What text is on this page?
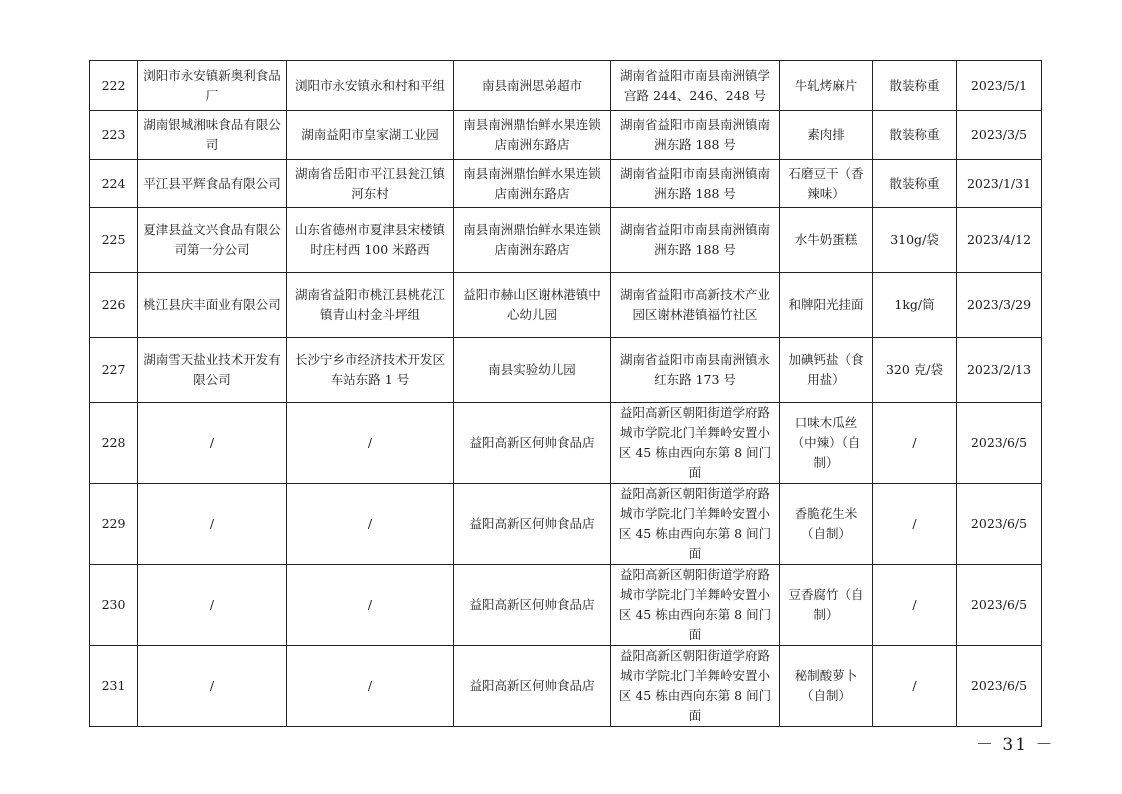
222	浏阳市永安镇新奥利食品厂	浏阳市永安镇永和村和平组	南县南洲思弟超市	湖南省益阳市南县南洲镇学宫路 244、246、248 号	牛轧烤麻片	散装称重	2023/5/1
223	湖南银城湘味食品有限公司	湖南益阳市皇家湖工业园	南县南洲鼎怡鲜水果连锁店南洲东路店	湖南省益阳市南县南洲镇南洲东路 188 号	素肉排	散装称重	2023/3/5
224	平江县平辉食品有限公司	湖南省岳阳市平江县瓮江镇河东村	南县南洲鼎怡鲜水果连锁店南洲东路店	湖南省益阳市南县南洲镇南洲东路 188 号	石磨豆干（香辣味）	散装称重	2023/1/31
225	夏津县益文兴食品有限公司第一分公司	山东省德州市夏津县宋楼镇时庄村西 100 米路西	南县南洲鼎怡鲜水果连锁店南洲东路店	湖南省益阳市南县南洲镇南洲东路 188 号	水牛奶蛋糕	310g/袋	2023/4/12
226	桃江县庆丰面业有限公司	湖南省益阳市桃江县桃花江镇青山村金斗坪组	益阳市赫山区谢林港镇中心幼儿园	湖南省益阳市高新技术产业园区谢林港镇福竹社区	和牌阳光挂面	1kg/筒	2023/3/29
227	湖南雪天盐业技术开发有限公司	长沙宁乡市经济技术开发区车站东路 1 号	南县实验幼儿园	湖南省益阳市南县南洲镇永红东路 173 号	加碘钙盐（食用盐）	320 克/袋	2023/2/13
228	/	/	益阳高新区何帅食品店	益阳高新区朝阳街道学府路城市学院北门羊舞岭安置小区 45 栋由西向东第 8 间门面	口味木瓜丝（中辣）（自制）	/	2023/6/5
229	/	/	益阳高新区何帅食品店	益阳高新区朝阳街道学府路城市学院北门羊舞岭安置小区 45 栋由西向东第 8 间门面	香脆花生米（自制）	/	2023/6/5
230	/	/	益阳高新区何帅食品店	益阳高新区朝阳街道学府路城市学院北门羊舞岭安置小区 45 栋由西向东第 8 间门面	豆香腐竹（自制）	/	2023/6/5
231	/	/	益阳高新区何帅食品店	益阳高新区朝阳街道学府路城市学院北门羊舞岭安置小区 45 栋由西向东第 8 间门面	秘制酸萝卜（自制）	/	2023/6/5
－ 31 －
